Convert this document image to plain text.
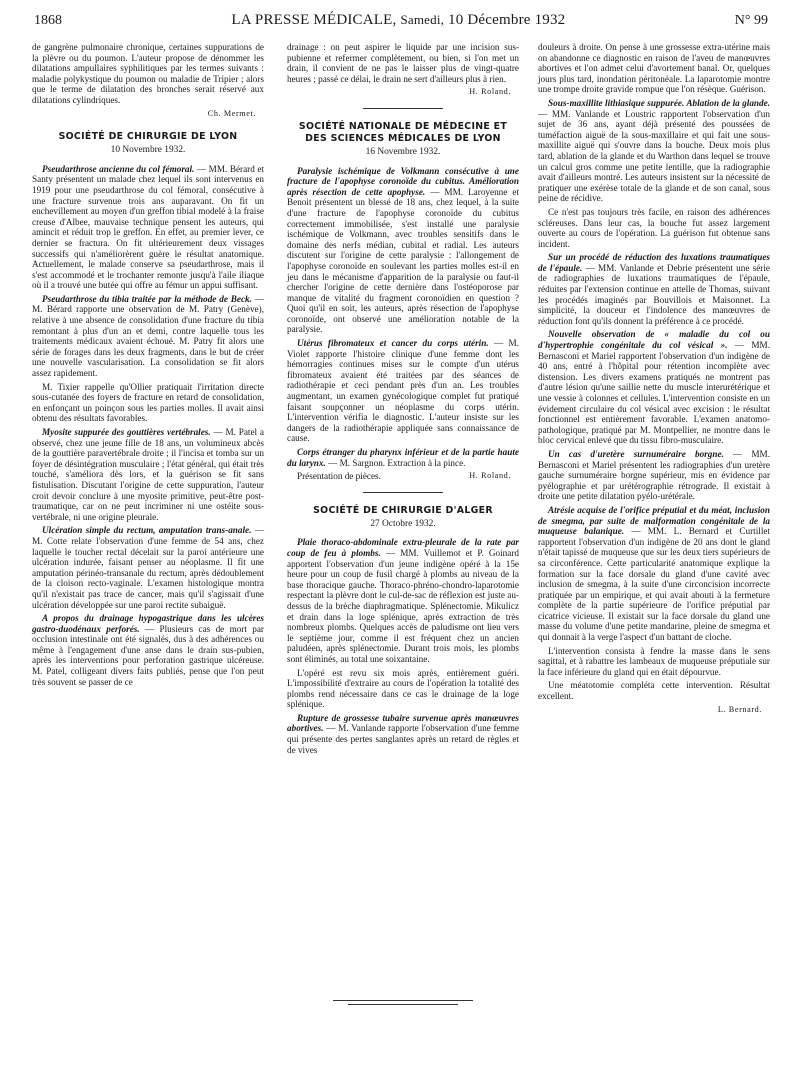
1868	LA PRESSE MÉDICALE, Samedi, 10 Décembre 1932	N° 99

de gangrène pulmonaire chronique, certaines suppurations de la plèvre ou du poumon. L'auteur propose de dénommer les dilatations ampullaires syphilitiques par les termes suivants : maladie polykystique du poumon ou maladie de Tripier ; alors que le terme de dilatation des bronches serait réservé aux dilatations cylindriques.

Ch. Mermet.
SOCIÉTÉ DE CHIRURGIE DE LYON
10 Novembre 1932.

Pseudarthrose ancienne du col fémoral. — MM. Bérard et Santy présentent un malade chez lequel ils sont intervenus en 1919 pour une pseudarthrose du col fémoral, consécutive à une fracture survenue trois ans auparavant. On fit un enchevillement au moyen d'un greffon tibial modelé à la fraise creuse d'Albee, mauvaise technique pensent les auteurs, qui amincit et réduit trop le greffon. En effet, au premier lever, ce dernier se fractura. On fit ultérieurement deux vissages successifs qui n'améliorèrent guère le résultat anatomique. Actuellement, le malade conserve sa pseudarthrose, mais il s'est accommodé et le trochanter remonte jusqu'à l'aile iliaque où il a trouvé une butée qui offre au fémur un appui suffisant.

Pseudarthrose du tibia traitée par la méthode de Beck. — M. Bérard rapporte une observation de M. Patry (Genève), relative à une absence de consolidation d'une fracture du tibia remontant à plus d'un an et demi, contre laquelle tous les traitements médicaux avaient échoué. M. Patry fit alors une série de forages dans les deux fragments, dans le but de créer une nouvelle vascularisation. La consolidation se fit alors assez rapidement.

M. Tixier rappelle qu'Ollier pratiquait l'irritation directe sous-cutanée des foyers de fracture en retard de consolidation, en enfonçant un poinçon sous les parties molles. Il avait ainsi obtenu des résultats favorables.

Myosite suppurée des gouttières vertébrales. — M. Patel a observé, chez une jeune fille de 18 ans, un volumineux abcès de la gouttière paravertébrale droite ; il l'incisa et tomba sur un foyer de désintégration musculaire ; l'état général, qui était très touché, s'améliora dès lors, et la guérison se fit sans fistulisation. Discutant l'origine de cette suppuration, l'auteur croit devoir conclure à une myosite primitive, peut-être post-traumatique, car on ne peut incriminer ni une ostéite sous-vertébrale, ni une origine pleurale.

Ulcération simple du rectum, amputation trans-anale. — M. Cotte relate l'observation d'une femme de 54 ans, chez laquelle le toucher rectal décelait sur la paroi antérieure une ulcération indurée, faisant penser au néoplasme. Il fit une amputation périnéo-transanale du rectum, après dédoublement de la cloison recto-vaginale. L'examen histologique montra qu'il n'existait pas trace de cancer, mais qu'il s'agissait d'une ulcération développée sur une paroi rectite subaiguë.

A propos du drainage hypogastrique dans les ulcères gastro-duodénaux perforés. — Plusieurs cas de mort par occlusion intestinale ont été signalés, dus à des adhérences ou même à l'engagement d'une anse dans le drain sus-pubien, après les interventions pour perforation gastrique ulcéreuse. M. Patel, colligeant divers faits publiés, pense que l'on peut très souvent se passer de ce

drainage : on peut aspirer le liquide par une incision sus-pubienne et refermer complètement, ou bien, si l'on met un drain, il convient de ne pas le laisser plus de vingt-quatre heures ; passé ce délai, le drain ne sert d'ailleurs plus à rien.

H. Roland.
SOCIÉTÉ NATIONALE DE MÉDECINE ET DES SCIENCES MÉDICALES DE LYON
16 Novembre 1932.

Paralysie ischémique de Volkmann consécutive à une fracture de l'apophyse coronoïde du cubitus. Amélioration après résection de cette apophyse. — MM. Laroyenne et Benoit présentent un blessé de 18 ans, chez lequel, à la suite d'une fracture de l'apophyse coronoïde du cubitus correctement immobilisée, s'est installé une paralysie ischémique de Volkmann, avec troubles sensitifs dans le domaine des nerfs médian, cubital et radial. Les auteurs discutent sur l'origine de cette paralysie : l'allongement de l'apophyse coronoïde en soulevant les parties molles est-il en jeu dans le mécanisme d'apparition de la paralysie ou faut-il chercher l'origine de cette dernière dans l'ostéoporose par manque de vitalité du fragment coronoïdien en question ? Quoi qu'il en soit, les auteurs, après résection de l'apophyse coronoïde, ont observé une amélioration notable de la paralysie.

Utérus fibromateux et cancer du corps utérin. — M. Violet rapporte l'histoire clinique d'une femme dont les hémorragies continues mises sur le compte d'un utérus fibromateux avaient été traitées par des séances de radiothérapie et ceci pendant près d'un an. Les troubles augmentant, un examen gynécologique complet fut pratiqué faisant soupçonner un néoplasme du corps utérin. L'intervention vérifia le diagnostic. L'auteur insiste sur les dangers de la radiothérapie appliquée sans connaissance de cause.

Corps étranger du pharynx inférieur et de la partie haute du larynx. — M. Sargnon. Extraction à la pince.

Présentation de pièces.	H. Roland.
SOCIÉTÉ DE CHIRURGIE D'ALGER
27 Octobre 1932.

Plaie thoraco-abdominale extra-pleurale de la rate par coup de feu à plombs. — MM. Vuillemot et P. Goinard apportent l'observation d'un jeune indigène opéré à la 15e heure pour un coup de fusil chargé à plombs au niveau de la base thoracique gauche. Thoraco-phréno-chondro-laparotomie respectant la plèvre dont le cul-de-sac de réflexion est juste au-dessus de la brèche diaphragmatique. Splénectomie. Mikulicz et drain dans la loge splénique, après extraction de très nombreux plombs. Quelques accès de paludisme ont lieu vers le septième jour, comme il est fréquent chez un ancien paludéen, après splénectomie. Durant trois mois, les plombs sont éliminés, au total une soixantaine.

L'opéré est revu six mois après, entièrement guéri. L'impossibilité d'extraire au cours de l'opération la totalité des plombs rend nécessaire dans ce cas le drainage de la loge splénique.

Rupture de grossesse tubaire survenue après manœuvres abortives. — M. Vanlande rapporte l'observation d'une femme qui présente des pertes sanglantes après un retard de règles et de vives

douleurs à droite. On pense à une grossesse extra-utérine mais on abandonne ce diagnostic en raison de l'aveu de manœuvres abortives et l'on admet celui d'avortement banal. Or, quelques jours plus tard, inondation péritonéale. La laparotomie montre une trompe droite gravide rompue que l'on résèque. Guérison.

Sous-maxillite lithiasique suppurée. Ablation de la glande. — MM. Vanlande et Loustric rapportent l'observation d'un sujet de 36 ans, ayant déjà présenté des poussées de tuméfaction aiguë de la sous-maxillaire et qui fait une sous-maxillite aiguë qui s'ouvre dans la bouche. Deux mois plus tard, ablation de la glande et du Warthon dans lequel se trouve un calcul gros comme une petite lentille, que la radiographie avait d'ailleurs montré. Les auteurs insistent sur la nécessité de pratiquer une exérèse totale de la glande et de son canal, sous peine de récidive.

Ce n'est pas toujours très facile, en raison des adhérences scléreuses. Dans leur cas, la bouche fut assez largement ouverte au cours de l'opération. La guérison fut obtenue sans incident.

Sur un procédé de réduction des luxations traumatiques de l'épaule. — MM. Vanlande et Debrie présentent une série de radiographies de luxations traumatiques de l'épaule, réduites par l'extension continue en attelle de Thomas, suivant les procédés imaginés par Bouvillois et Maisonnet. La simplicité, la douceur et l'indolence des manœuvres de réduction font qu'ils donnent la préférence à ce procédé.

Nouvelle observation de « maladie du col ou d'hypertrophie congénitale du col vésical ». — MM. Bernasconi et Mariel rapportent l'observation d'un indigène de 40 ans, entré à l'hôpital pour rétention incomplète avec distension. Les divers examens pratiqués ne montrent pas d'autre lésion qu'une saillie nette du muscle interurétérique et une vessie à colonnes et cellules. L'intervention consiste en un évidement circulaire du col vésical avec excision : le résultat fonctionnel est entièrement favorable. L'examen anatomo-pathologique, pratiqué par M. Montpellier, ne montre dans le bloc cervical enlevé que du tissu fibro-musculaire.

Un cas d'uretère surnuméraire borgne. — MM. Bernasconi et Mariel présentent les radiographies d'un uretère gauche surnuméraire borgne supérieur, mis en évidence par pyélographie et par urétérographie rétrograde. Il existait à droite une petite dilatation pyélo-urétérale.

Atrésie acquise de l'orifice préputial et du méat, inclusion de smegma, par suite de malformation congénitale de la muqueuse balanique. — MM. L. Bernard et Curtillet rapportent l'observation d'un indigène de 20 ans dont le gland n'était tapissé de muqueuse que sur les deux tiers supérieurs de sa circonférence. Cette particularité anatomique explique la formation sur la face dorsale du gland d'une cavité avec inclusion de smegma, à la suite d'une circoncision incorrecte pratiquée par un empirique, et qui avait abouti à la fermeture complète de la partie supérieure de l'orifice préputial par cicatrice vicieuse. Il existait sur la face dorsale du gland une masse du volume d'une petite mandarine, pleine de smegma et qui donnait à la verge l'aspect d'un battant de cloche.

L'intervention consista à fendre la masse dans le sens sagittal, et à rabattre les lambeaux de muqueuse préputiale sur la face inférieure du gland qui en était dépourvue.

Une méatotomie compléta cette intervention. Résultat excellent.

L. Bernard.
